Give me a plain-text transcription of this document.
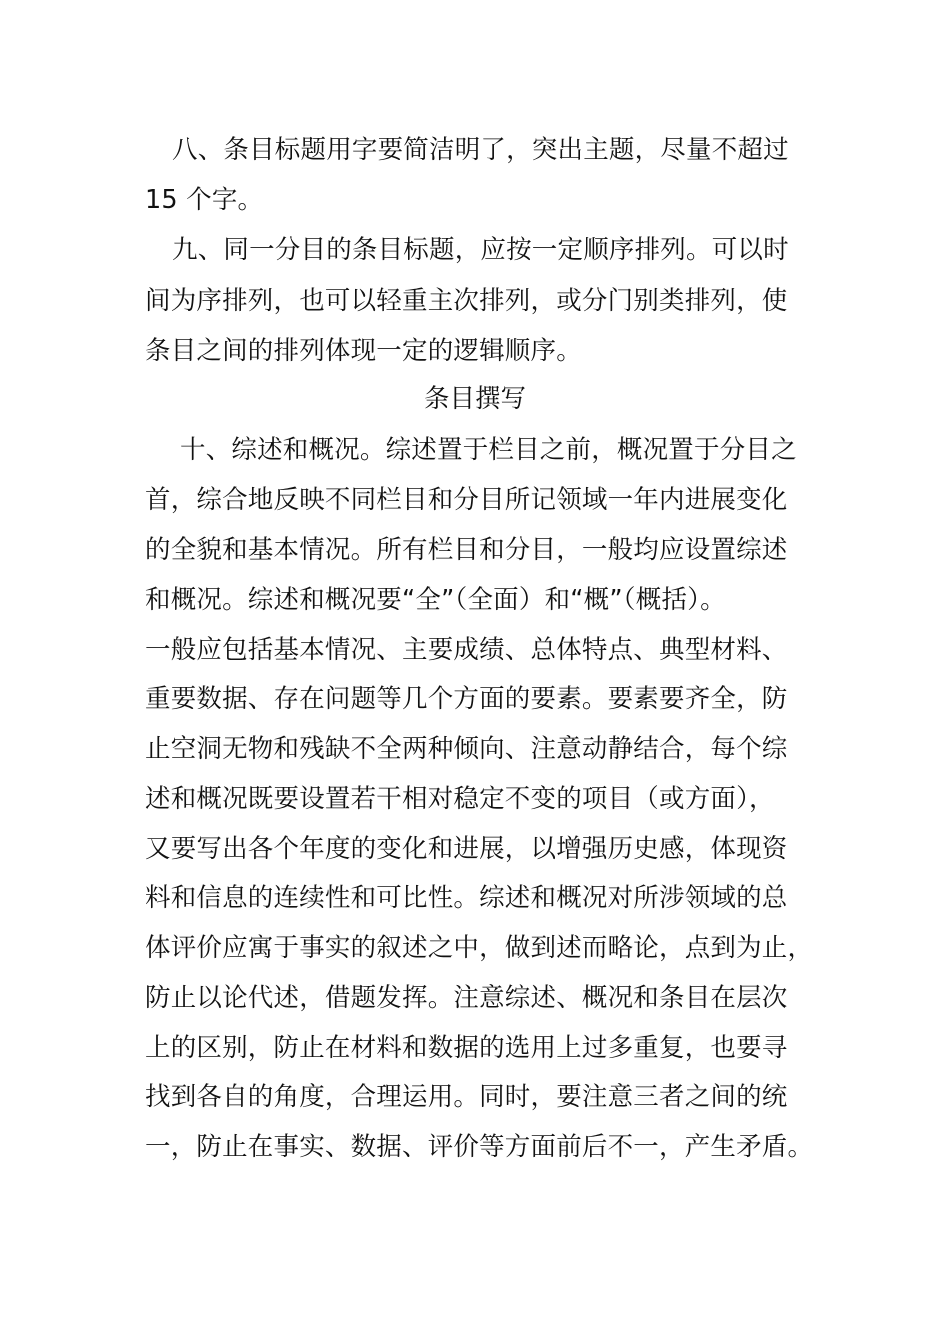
八、条目标题用字要简洁明了，突出主题，尽量不超过
15 个字。
九、同一分目的条目标题，应按一定顺序排列。可以时
间为序排列，也可以轻重主次排列，或分门别类排列，使
条目之间的排列体现一定的逻辑顺序。
条目撰写
十、综述和概况。综述置于栏目之前，概况置于分目之
首，综合地反映不同栏目和分目所记领域一年内进展变化
的全貌和基本情况。所有栏目和分目，一般均应设置综述
和概况。综述和概况要“全”（全面）和“概”（概括）。
一般应包括基本情况、主要成绩、总体特点、典型材料、
重要数据、存在问题等几个方面的要素。要素要齐全，防
止空洞无物和残缺不全两种倾向、注意动静结合，每个综
述和概况既要设置若干相对稳定不变的项目（或方面），
又要写出各个年度的变化和进展，以增强历史感，体现资
料和信息的连续性和可比性。综述和概况对所涉领域的总
体评价应寓于事实的叙述之中，做到述而略论，点到为止，
防止以论代述，借题发挥。注意综述、概况和条目在层次
上的区别，防止在材料和数据的选用上过多重复，也要寻
找到各自的角度，合理运用。同时，要注意三者之间的统
一，防止在事实、数据、评价等方面前后不一，产生矛盾。
